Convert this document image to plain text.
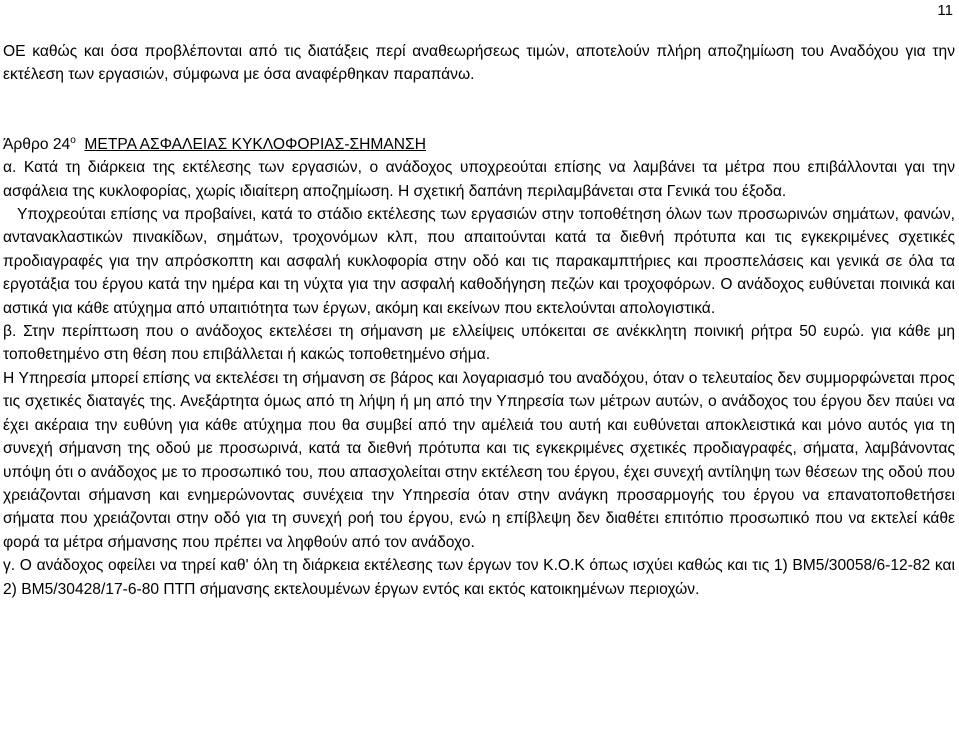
11

ΟΕ καθώς και όσα προβλέπονται από τις διατάξεις περί αναθεωρήσεως τιμών, αποτελούν πλήρη αποζημίωση του Αναδόχου για την εκτέλεση των εργασιών, σύμφωνα με όσα αναφέρθηκαν παραπάνω.

Άρθρο $24^o$ ΜΕΤΡΑ ΑΣΦΑΛΕΙΑΣ ΚΥΚΛΟΦΟΡΙΑΣ-ΣΗΜΑΝΣΗ

α. Κατά τη διάρκεια της εκτέλεσης των εργασιών, ο ανάδοχος υποχρεούται επίσης να λαμβάνει τα μέτρα που επιβάλλονται γαι την ασφάλεια της κυκλοφορίας, χωρίς ιδιαίτερη αποζημίωση. Η σχετική δαπάνη περιλαμβάνεται στα Γενικά του έξοδα.

Υποχρεούται επίσης να προβαίνει, κατά το στάδιο εκτέλεσης των εργασιών στην τοποθέτηση όλων των προσωρινών σημάτων, φανών, αντανακλαστικών πινακίδων, σημάτων, τροχονόμων κλπ, που απαιτούνται κατά τα διεθνή πρότυπα και τις εγκεκριμένες σχετικές προδιαγραφές για την απρόσκοπτη και ασφαλή κυκλοφορία στην οδό και τις παρακαμπτήριες και προσπελάσεις και γενικά σε όλα τα εργοτάξια του έργου κατά την ημέρα και τη νύχτα για την ασφαλή καθοδήγηση πεζών και τροχοφόρων. Ο ανάδοχος ευθύνεται ποινικά και αστικά για κάθε ατύχημα από υπαιτιότητα των έργων, ακόμη και εκείνων που εκτελούνται απολογιστικά.

β. Στην περίπτωση που ο ανάδοχος εκτελέσει τη σήμανση με ελλείψεις υπόκειται σε ανέκκλητη ποινική ρήτρα 50 ευρώ. για κάθε μη τοποθετημένο στη θέση που επιβάλλεται ή κακώς τοποθετημένο σήμα.

Η Υπηρεσία μπορεί επίσης να εκτελέσει τη σήμανση σε βάρος και λογαριασμό του αναδόχου, όταν ο τελευταίος δεν συμμορφώνεται προς τις σχετικές διαταγές της. Ανεξάρτητα όμως από τη λήψη ή μη από την Υπηρεσία των μέτρων αυτών, ο ανάδοχος του έργου δεν παύει να έχει ακέραια την ευθύνη για κάθε ατύχημα που θα συμβεί από την αμέλειά του αυτή και ευθύνεται αποκλειστικά και μόνο αυτός για τη συνεχή σήμανση της οδού με προσωρινά, κατά τα διεθνή πρότυπα και τις εγκεκριμένες σχετικές προδιαγραφές, σήματα, λαμβάνοντας υπόψη ότι ο ανάδοχος με το προσωπικό του, που απασχολείται στην εκτέλεση του έργου, έχει συνεχή αντίληψη των θέσεων της οδού που χρειάζονται σήμανση και ενημερώνοντας συνέχεια την Υπηρεσία όταν στην ανάγκη προσαρμογής του έργου να επανατοποθετήσει σήματα που χρειάζονται στην οδό για τη συνεχή ροή του έργου, ενώ η επίβλεψη δεν διαθέτει επιτόπιο προσωπικό που να εκτελεί κάθε φορά τα μέτρα σήμανσης που πρέπει να ληφθούν από τον ανάδοχο.

γ. Ο ανάδοχος οφείλει να τηρεί καθ' όλη τη διάρκεια εκτέλεσης των έργων τον Κ.Ο.Κ όπως ισχύει καθώς και τις 1) ΒΜ5/30058/6-12-82 και 2) ΒΜ5/30428/17-6-80 ΠΤΠ σήμανσης εκτελουμένων έργων εντός και εκτός κατοικημένων περιοχών.
